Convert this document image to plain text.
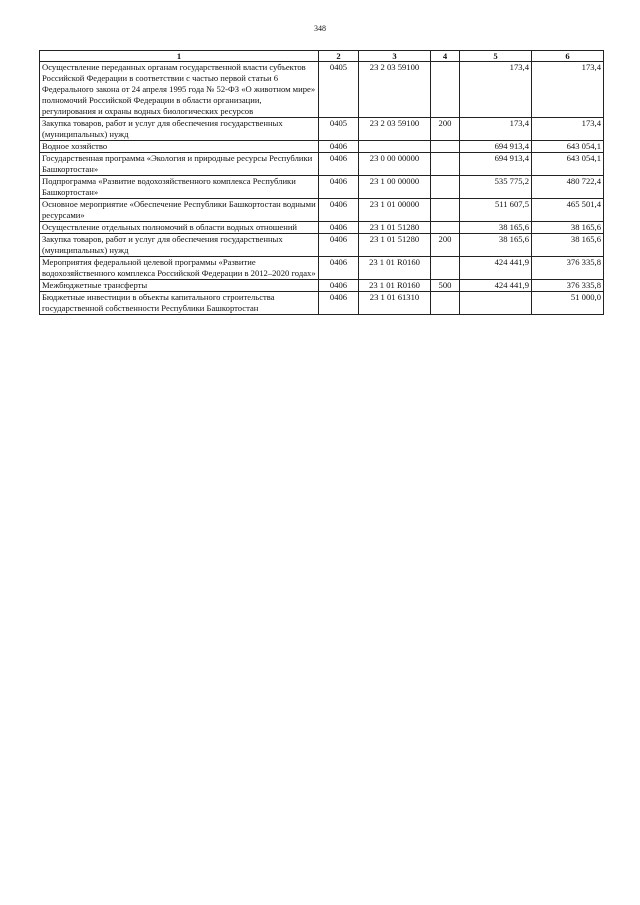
348
1	2	3	4	5	6
Осуществление переданных органам государственной власти субъектов Российской Федерации в соответствии с частью первой статьи 6 Федерального закона от 24 апреля 1995 года № 52-ФЗ «О животном мире» полномочий Российской Федерации в области организации, регулирования и охраны водных биологических ресурсов	0405	23 2 03 59100		173,4	173,4
Закупка товаров, работ и услуг для обеспечения государственных (муниципальных) нужд	0405	23 2 03 59100	200	173,4	173,4
Водное хозяйство	0406			694 913,4	643 054,1
Государственная программа «Экология и природные ресурсы Республики Башкортостан»	0406	23 0 00 00000		694 913,4	643 054,1
Подпрограмма «Развитие водохозяйственного комплекса Республики Башкортостан»	0406	23 1 00 00000		535 775,2	480 722,4
Основное мероприятие «Обеспечение Республики Башкортостан водными ресурсами»	0406	23 1 01 00000		511 607,5	465 501,4
Осуществление отдельных полномочий в области водных отношений	0406	23 1 01 51280		38 165,6	38 165,6
Закупка товаров, работ и услуг для обеспечения государственных (муниципальных) нужд	0406	23 1 01 51280	200	38 165,6	38 165,6
Мероприятия федеральной целевой программы «Развитие водохозяйственного комплекса Российской Федерации в 2012–2020 годах»	0406	23 1 01 R0160		424 441,9	376 335,8
Межбюджетные трансферты	0406	23 1 01 R0160	500	424 441,9	376 335,8
Бюджетные инвестиции в объекты капитального строительства государственной собственности Республики Башкортостан	0406	23 1 01 61310			51 000,0
